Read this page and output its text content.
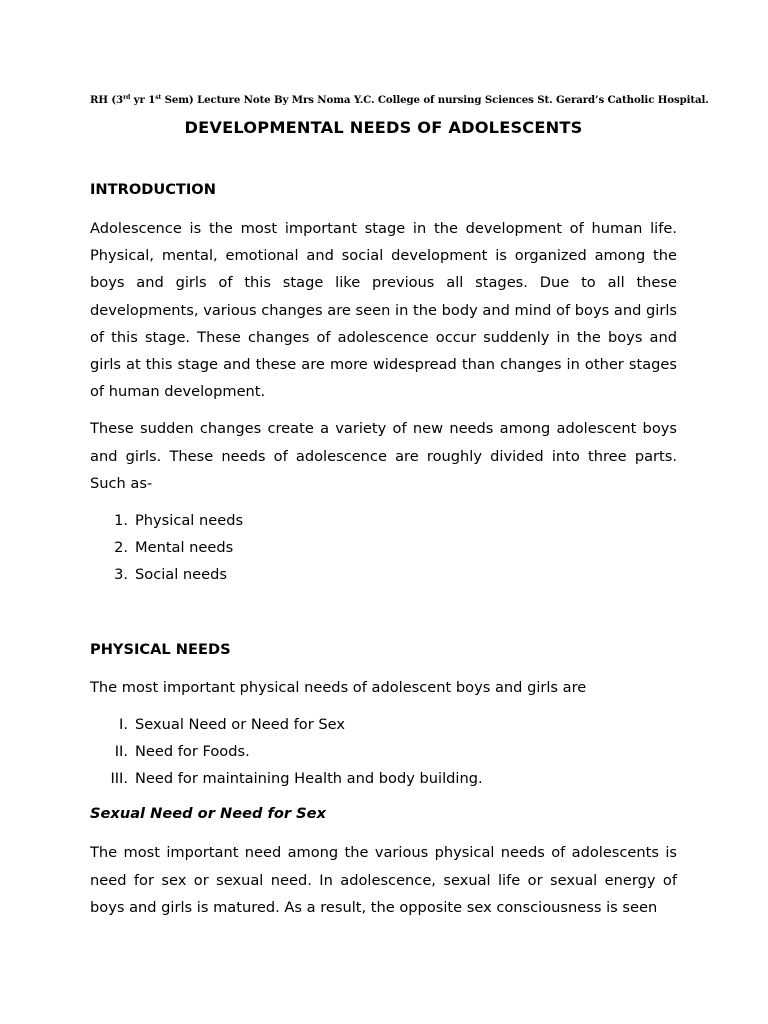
RH (3rd yr 1st Sem) Lecture Note By Mrs Noma Y.C. College of nursing Sciences St. Gerard’s Catholic Hospital.

DEVELOPMENTAL NEEDS OF ADOLESCENTS
INTRODUCTION

Adolescence is the most important stage in the development of human life. Physical, mental, emotional and social development is organized among the boys and girls of this stage like previous all stages. Due to all these developments, various changes are seen in the body and mind of boys and girls of this stage. These changes of adolescence occur suddenly in the boys and girls at this stage and these are more widespread than changes in other stages of human development.

These sudden changes create a variety of new needs among adolescent boys and girls. These needs of adolescence are roughly divided into three parts. Such as-

1. Physical needs
2. Mental needs
3. Social needs
PHYSICAL NEEDS

The most important physical needs of adolescent boys and girls are

I. Sexual Need or Need for Sex
II. Need for Foods.
III. Need for maintaining Health and body building.
Sexual Need or Need for Sex

The most important need among the various physical needs of adolescents is need for sex or sexual need. In adolescence, sexual life or sexual energy of boys and girls is matured. As a result, the opposite sex consciousness is seen
